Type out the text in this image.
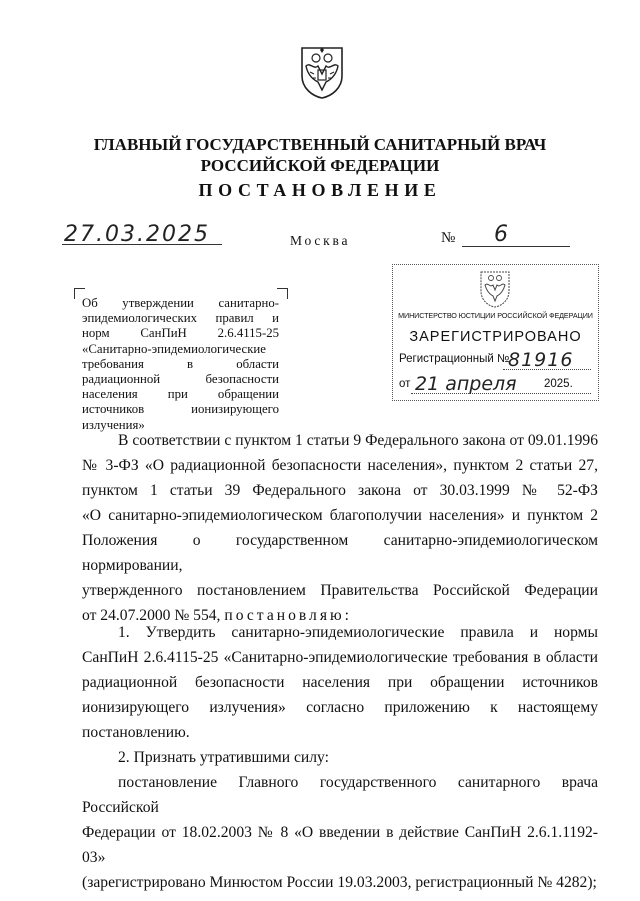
ГЛАВНЫЙ ГОСУДАРСТВЕННЫЙ САНИТАРНЫЙ ВРАЧ
РОССИЙСКОЙ ФЕДЕРАЦИИ
ПОСТАНОВЛЕНИЕ
27.03.2025	Москва	№ 6
Об утверждении санитарно-эпидемиологических правил и норм СанПиН 2.6.4115-25 «Санитарно-эпидемиологические требования в области радиационной безопасности населения при обращении источников ионизирующего излучения»
МИНИСТЕРСТВО ЮСТИЦИИ РОССИЙСКОЙ ФЕДЕРАЦИИ
ЗАРЕГИСТРИРОВАНО
Регистрационный №
81916
от 21 апреля 2025.

В соответствии с пунктом 1 статьи 9 Федерального закона от 09.01.1996

№ 3-ФЗ «О радиационной безопасности населения», пунктом 2 статьи 27,

пунктом 1 статьи 39 Федерального закона от 30.03.1999 № 52-ФЗ

«О санитарно-эпидемиологическом благополучии населения» и пунктом 2

Положения о государственном санитарно-эпидемиологическом нормировании,

утвержденного постановлением Правительства Российской Федерации

от 24.07.2000 № 554, постановляю:

1. Утвердить санитарно-эпидемиологические правила и нормы

СанПиН 2.6.4115-25 «Санитарно-эпидемиологические требования в области

радиационной безопасности населения при обращении источников

ионизирующего излучения» согласно приложению к настоящему

постановлению.

2. Признать утратившими силу:

постановление Главного государственного санитарного врача Российской

Федерации от 18.02.2003 № 8 «О введении в действие СанПиН 2.6.1.1192-03»

(зарегистрировано Минюстом России 19.03.2003, регистрационный № 4282);
